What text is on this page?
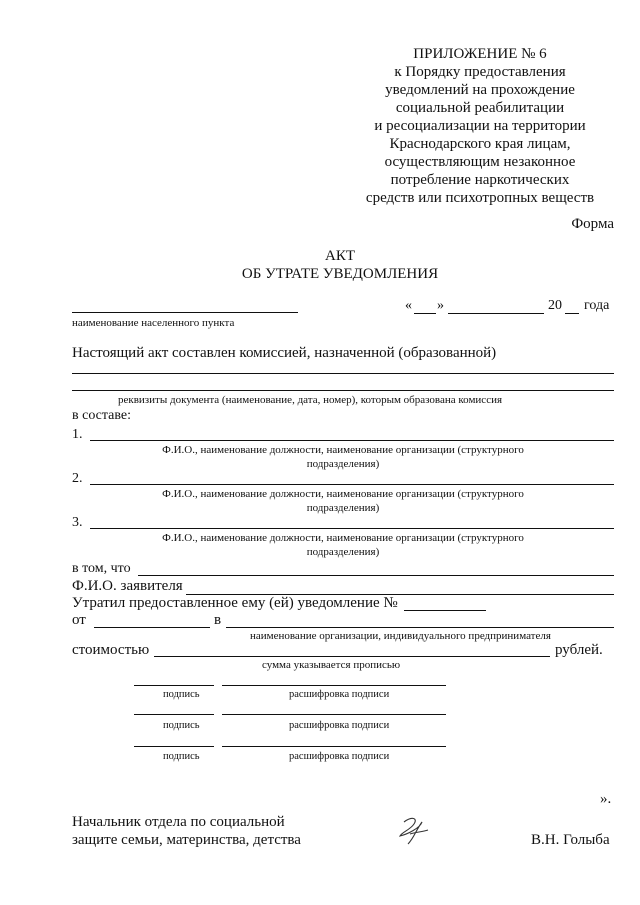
ПРИЛОЖЕНИЕ № 6
к Порядку предоставления
уведомлений на прохождение
социальной реабилитации
и ресоциализации на территории
Краснодарского края лицам,
осуществляющим незаконное
потребление наркотических
средств или психотропных веществ
Форма
АКТ
ОБ УТРАТЕ УВЕДОМЛЕНИЯ
наименование населенного пункта
« »	20 года
Настоящий акт составлен комиссией, назначенной (образованной)
реквизиты документа (наименование, дата, номер), которым образована комиссия
в составе:
1.
Ф.И.О., наименование должности, наименование организации (структурного
подразделения)
2.
Ф.И.О., наименование должности, наименование организации (структурного
подразделения)
3.
Ф.И.О., наименование должности, наименование организации (структурного
подразделения)
в том, что
Ф.И.О. заявителя
Утратил предоставленное ему (ей) уведомление №
от	в
наименование организации, индивидуального предпринимателя
стоимостью	рублей.
сумма указывается прописью
подпись	расшифровка подписи
подпись	расшифровка подписи
подпись	расшифровка подписи
».
Начальник отдела по социальной
защите семьи, материнства, детства	В.Н. Голыба
